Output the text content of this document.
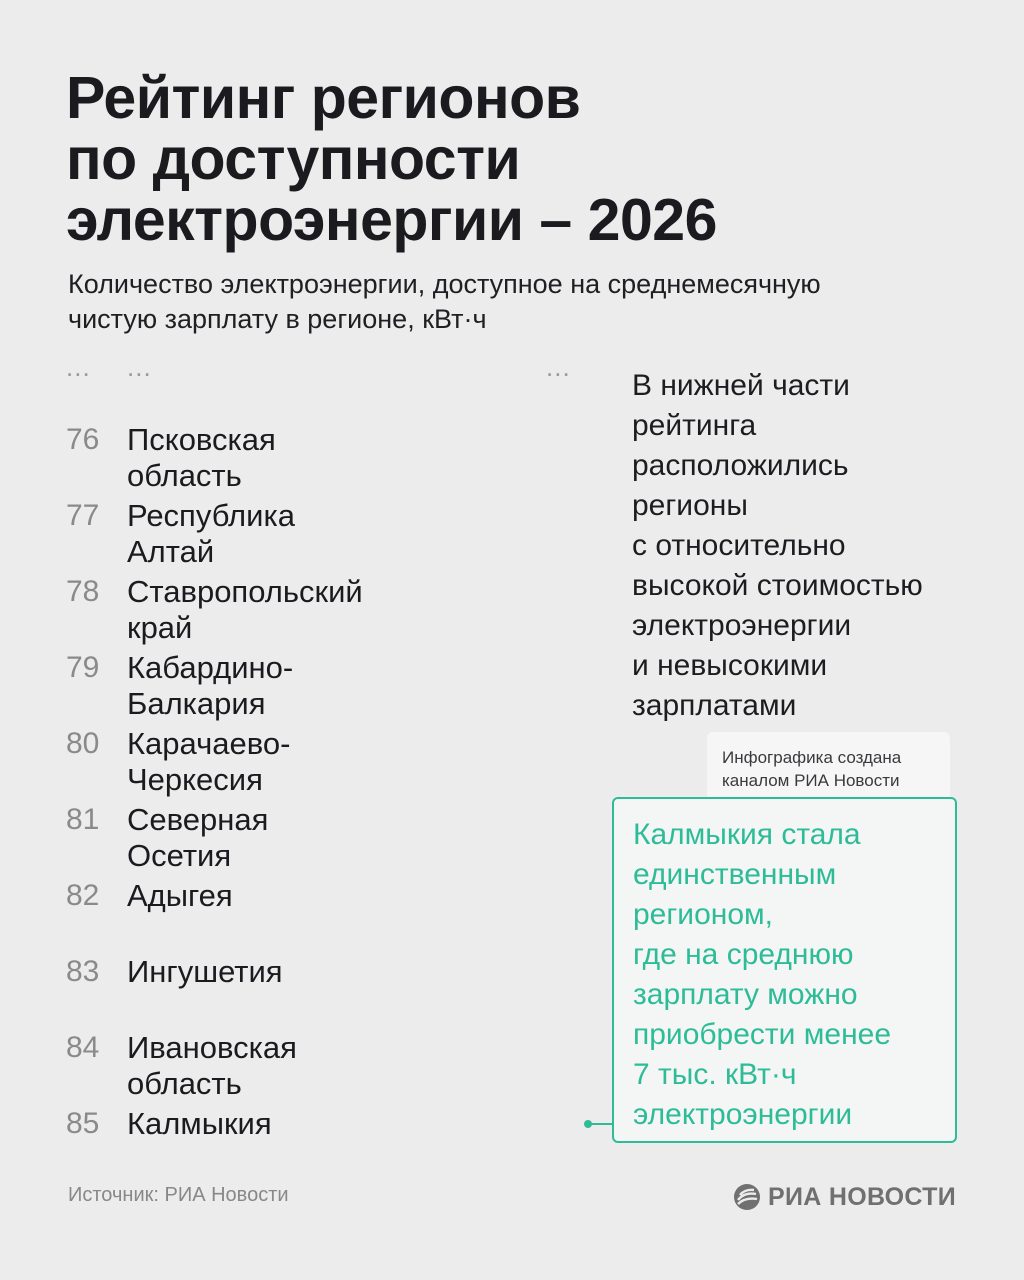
Рейтинг регионов
по доступности
электроэнергии – 2026
Количество электроэнергии, доступное на среднемесячную
чистую зарплату в регионе, кВт·ч
... ...	...
76 Псковская область
77 Республика Алтай
78 Ставропольский край
79 Кабардино-Балкария
80 Карачаево-Черкесия
81 Северная Осетия
82 Адыгея
83 Ингушетия
84 Ивановская область
85 Калмыкия
В нижней части
рейтинга
расположились
регионы
с относительно
высокой стоимостью
электроэнергии
и невысокими
зарплатами
Инфографика создана
каналом РИА Новости
Калмыкия стала
единственным
регионом,
где на среднюю
зарплату можно
приобрести менее
7 тыс. кВт·ч
электроэнергии
Источник: РИА Новости	РИА НОВОСТИ
